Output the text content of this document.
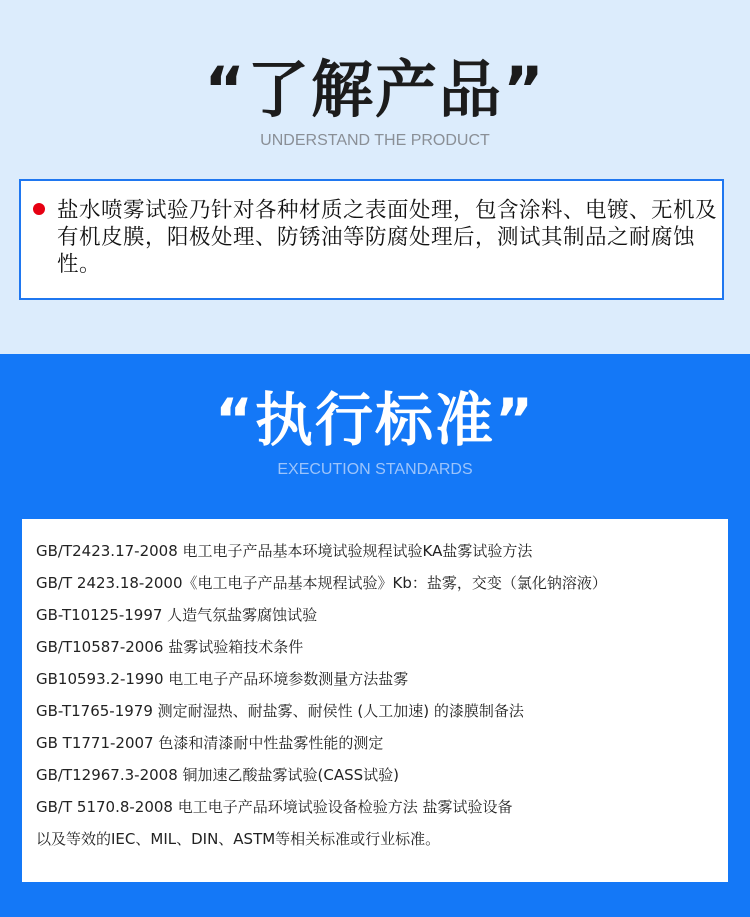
“了解产品”
UNDERSTAND THE PRODUCT
盐水喷雾试验乃针对各种材质之表面处理，包含涂料、电镀、无机及有机皮膜，阳极处理、防锈油等防腐处理后，测试其制品之耐腐蚀性。
“执行标准”
EXECUTION STANDARDS
GB/T2423.17-2008 电工电子产品基本环境试验规程试验KA盐雾试验方法
GB/T 2423.18-2000《电工电子产品基本规程试验》Kb：盐雾，交变（氯化钠溶液）
GB-T10125-1997 人造气氛盐雾腐蚀试验
GB/T10587-2006 盐雾试验箱技术条件
GB10593.2-1990 电工电子产品环境参数测量方法盐雾
GB-T1765-1979 测定耐湿热、耐盐雾、耐侯性 (人工加速) 的漆膜制备法
GB T1771-2007 色漆和清漆耐中性盐雾性能的测定
GB/T12967.3-2008 铜加速乙酸盐雾试验(CASS试验)
GB/T 5170.8-2008 电工电子产品环境试验设备检验方法 盐雾试验设备
以及等效的IEC、MIL、DIN、ASTM等相关标准或行业标准。
